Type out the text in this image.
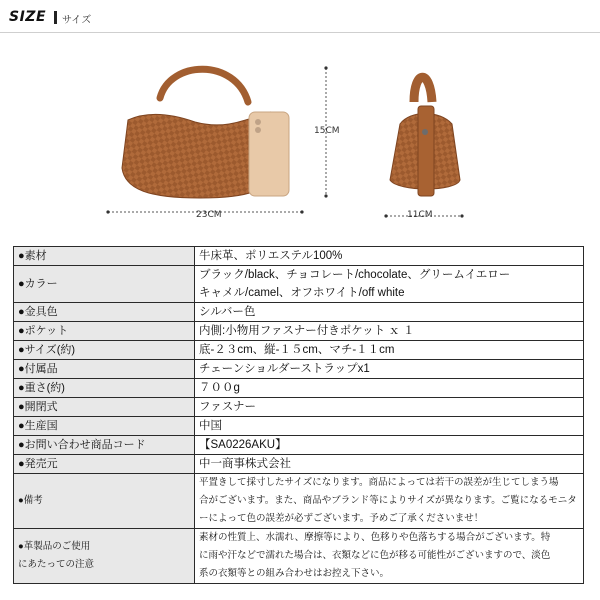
SIZE サイズ
23CM
15CM
11CM
●素材	牛床革、ポリエステル100%

●カラー	ブラック/black、チョコレート/chocolate、グリームイエロー
キャメル/camel、オフホワイト/off white

●金具色	シルバー色

●ポケット	内側:小物用ファスナー付きポケット ｘ １

●サイズ(約)	底-２３cm、縦-１５cm、マチ-１１cm

●付属品	チェーンショルダーストラップx1

●重さ(約)	７００g

●開閉式	ファスナー

●生産国	中国

●お問い合わせ商品コード	【SA0226AKU】

●発売元	中一商事株式会社

●備考	平置きして採寸したサイズになります。商品によっては若干の誤差が生じてしまう場
合がございます。また、商品やブランド等によりサイズが異なります。ご覧になるモニタ
ーによって色の誤差が必ずございます。予めご了承くださいませ！

●革製品のご使用
にあたっての注意	素材の性質上、水濡れ、摩擦等により、色移りや色落ちする場合がございます。特
に雨や汗などで濡れた場合は、衣類などに色が移る可能性がございますので、淡色
系の衣類等との組み合わせはお控え下さい。
